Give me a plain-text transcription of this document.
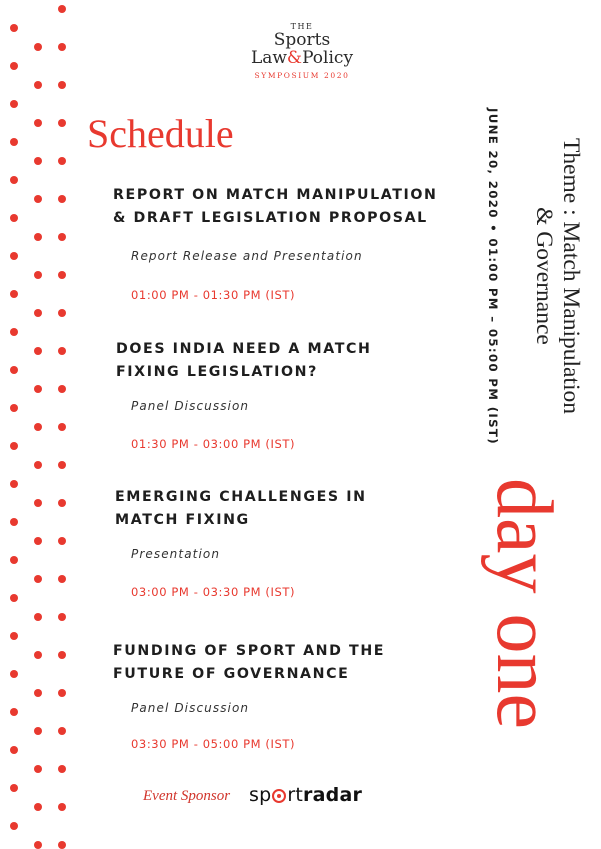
THE
Sports
Law&Policy
SYMPOSIUM 2020
Schedule
REPORT ON MATCH MANIPULATION
& DRAFT LEGISLATION PROPOSAL
Report Release and Presentation
01:00 PM - 01:30 PM (IST)
DOES INDIA NEED A MATCH
FIXING LEGISLATION?
Panel Discussion
01:30 PM - 03:00 PM (IST)
EMERGING CHALLENGES IN
MATCH FIXING
Presentation
03:00 PM - 03:30 PM (IST)
FUNDING OF SPORT AND THE
FUTURE OF GOVERNANCE
Panel Discussion
03:30 PM - 05:00 PM (IST)
Theme : Match Manipulation
& Governance
JUNE 20, 2020 • 01:00 PM – 05:00 PM (IST)
day one
Event Sponsor sp rtradar
